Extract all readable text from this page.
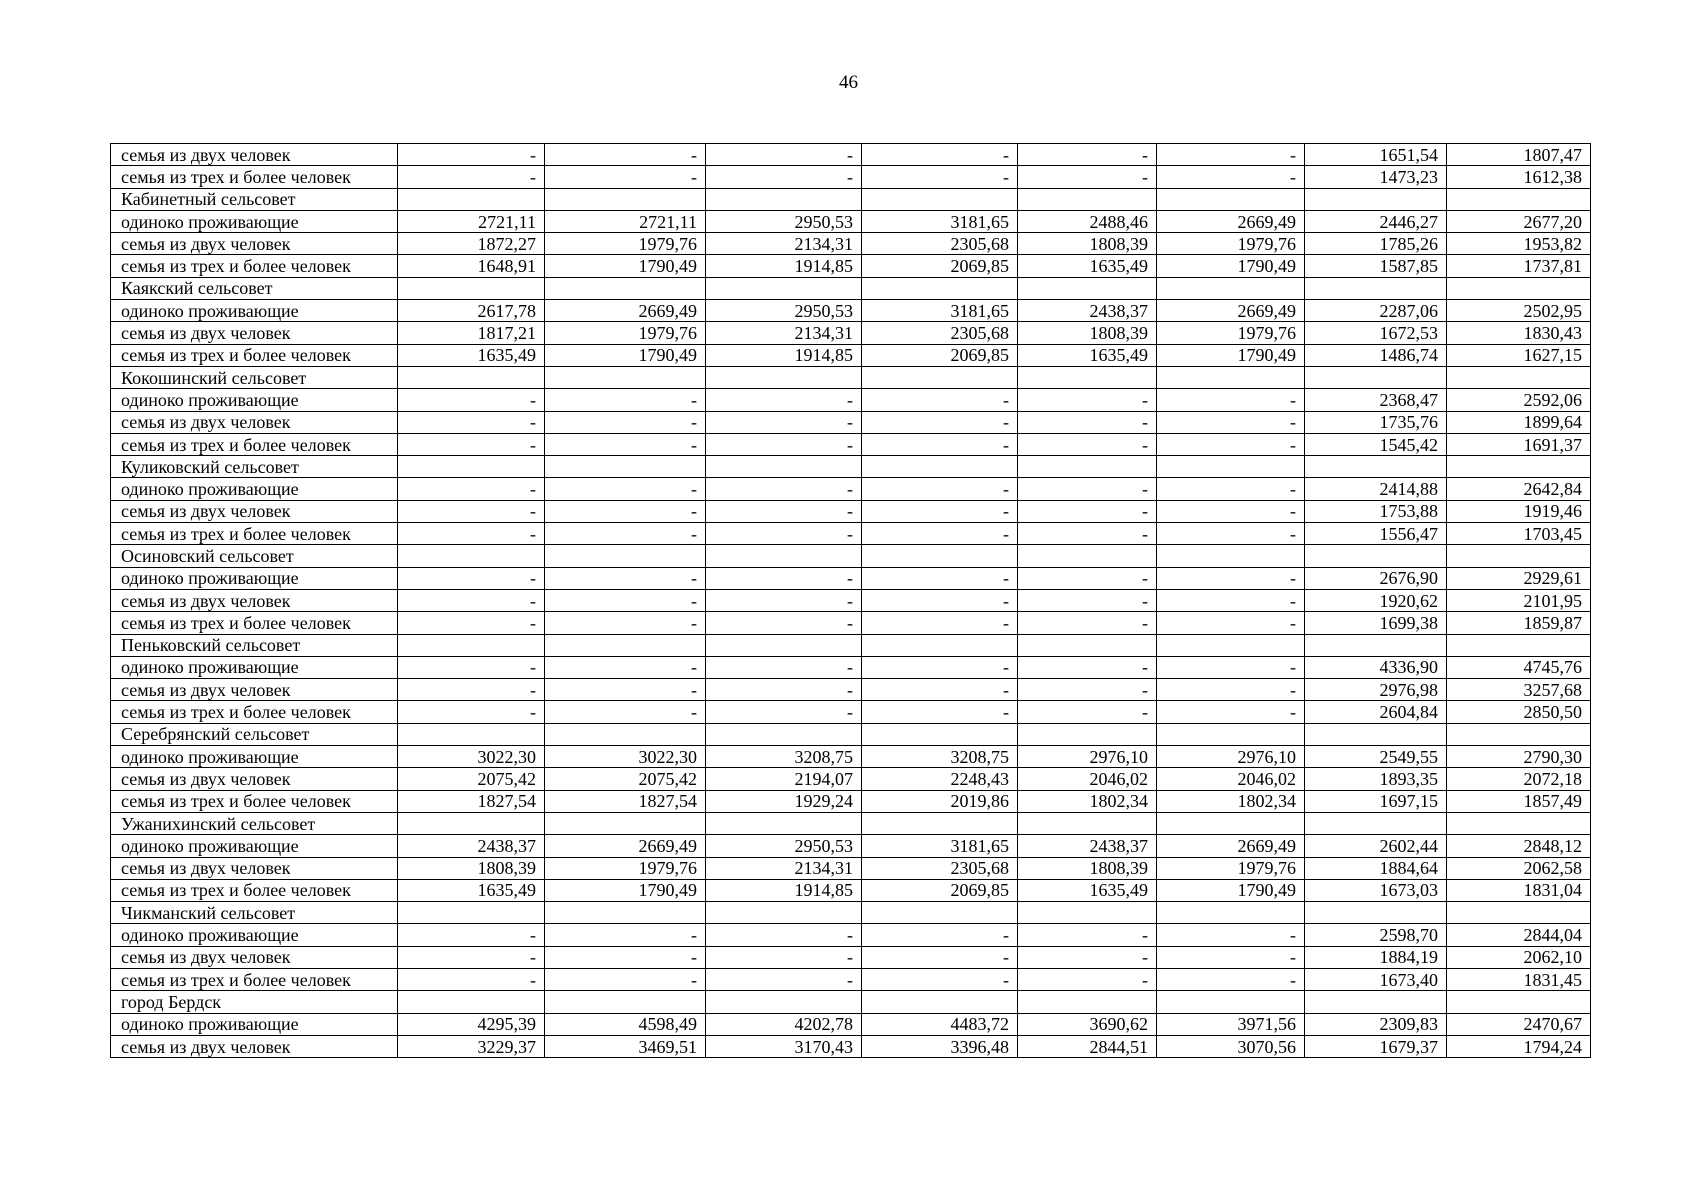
46
семья из двух человек	-	-	-	-	-	-	1651,54	1807,47
семья из трех и более человек	-	-	-	-	-	-	1473,23	1612,38
Кабинетный сельсовет								
одиноко проживающие	2721,11	2721,11	2950,53	3181,65	2488,46	2669,49	2446,27	2677,20
семья из двух человек	1872,27	1979,76	2134,31	2305,68	1808,39	1979,76	1785,26	1953,82
семья из трех и более человек	1648,91	1790,49	1914,85	2069,85	1635,49	1790,49	1587,85	1737,81
Каякский сельсовет								
одиноко проживающие	2617,78	2669,49	2950,53	3181,65	2438,37	2669,49	2287,06	2502,95
семья из двух человек	1817,21	1979,76	2134,31	2305,68	1808,39	1979,76	1672,53	1830,43
семья из трех и более человек	1635,49	1790,49	1914,85	2069,85	1635,49	1790,49	1486,74	1627,15
Кокошинский сельсовет								
одиноко проживающие	-	-	-	-	-	-	2368,47	2592,06
семья из двух человек	-	-	-	-	-	-	1735,76	1899,64
семья из трех и более человек	-	-	-	-	-	-	1545,42	1691,37
Куликовский сельсовет								
одиноко проживающие	-	-	-	-	-	-	2414,88	2642,84
семья из двух человек	-	-	-	-	-	-	1753,88	1919,46
семья из трех и более человек	-	-	-	-	-	-	1556,47	1703,45
Осиновский сельсовет								
одиноко проживающие	-	-	-	-	-	-	2676,90	2929,61
семья из двух человек	-	-	-	-	-	-	1920,62	2101,95
семья из трех и более человек	-	-	-	-	-	-	1699,38	1859,87
Пеньковский сельсовет								
одиноко проживающие	-	-	-	-	-	-	4336,90	4745,76
семья из двух человек	-	-	-	-	-	-	2976,98	3257,68
семья из трех и более человек	-	-	-	-	-	-	2604,84	2850,50
Серебрянский сельсовет								
одиноко проживающие	3022,30	3022,30	3208,75	3208,75	2976,10	2976,10	2549,55	2790,30
семья из двух человек	2075,42	2075,42	2194,07	2248,43	2046,02	2046,02	1893,35	2072,18
семья из трех и более человек	1827,54	1827,54	1929,24	2019,86	1802,34	1802,34	1697,15	1857,49
Ужанихинский сельсовет								
одиноко проживающие	2438,37	2669,49	2950,53	3181,65	2438,37	2669,49	2602,44	2848,12
семья из двух человек	1808,39	1979,76	2134,31	2305,68	1808,39	1979,76	1884,64	2062,58
семья из трех и более человек	1635,49	1790,49	1914,85	2069,85	1635,49	1790,49	1673,03	1831,04
Чикманский сельсовет								
одиноко проживающие	-	-	-	-	-	-	2598,70	2844,04
семья из двух человек	-	-	-	-	-	-	1884,19	2062,10
семья из трех и более человек	-	-	-	-	-	-	1673,40	1831,45
город Бердск								
одиноко проживающие	4295,39	4598,49	4202,78	4483,72	3690,62	3971,56	2309,83	2470,67
семья из двух человек	3229,37	3469,51	3170,43	3396,48	2844,51	3070,56	1679,37	1794,24
